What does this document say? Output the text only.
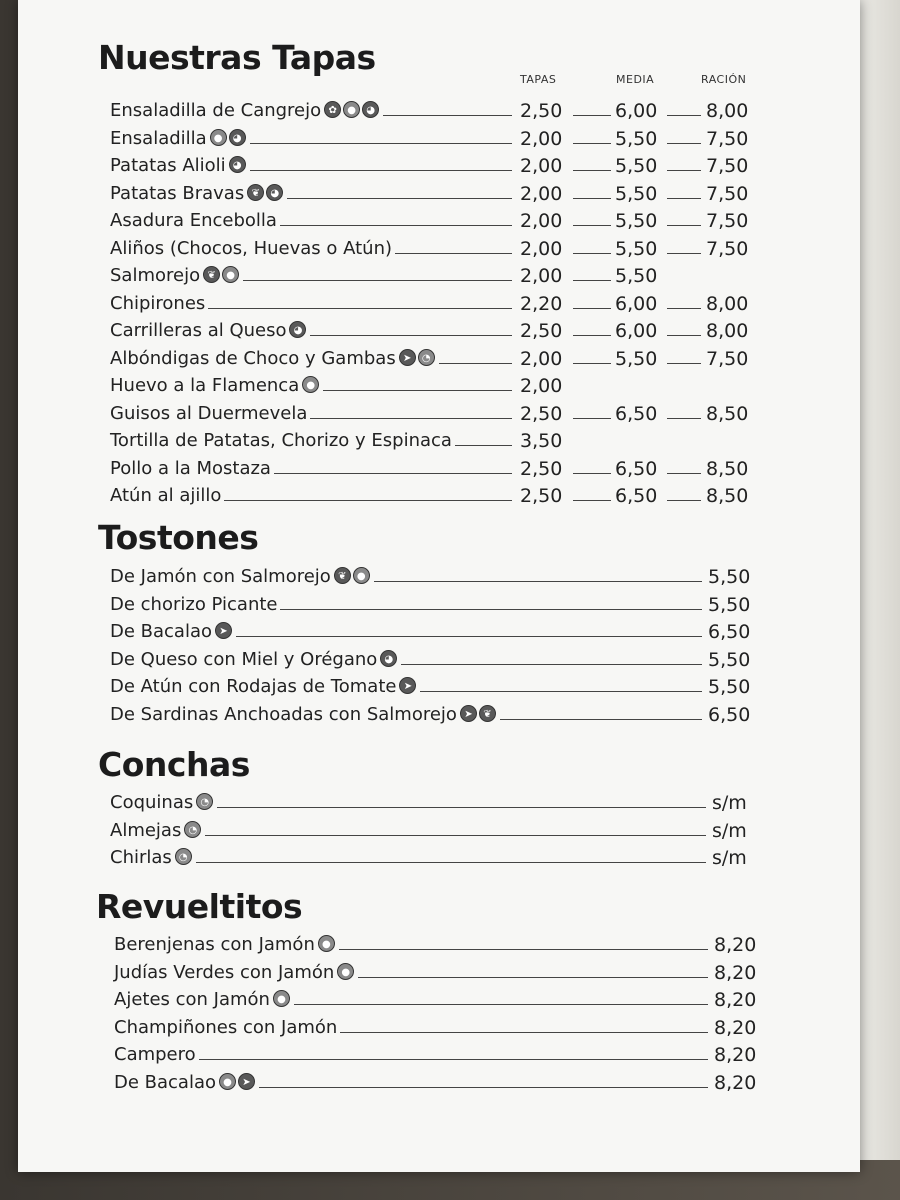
Nuestras Tapas
TAPAS	MEDIA	RACIÓN
Ensaladilla de Cangrejo ✿	●	◕	2,50	6,00	8,00
Ensaladilla ●	◕	2,00	5,50	7,50
Patatas Alioli ◕	2,00	5,50	7,50
Patatas Bravas ❦	◕	2,00	5,50	7,50
Asadura Encebolla	2,00	5,50	7,50
Aliños (Chocos, Huevas o Atún)	2,00	5,50	7,50
Salmorejo ❦	●	2,00	5,50
Chipirones	2,20	6,00	8,00
Carrilleras al Queso ◕	2,50	6,00	8,00
Albóndigas de Choco y Gambas ➤	◔	2,00	5,50	7,50
Huevo a la Flamenca ●	2,00
Guisos al Duermevela	2,50	6,50	8,50
Tortilla de Patatas, Chorizo y Espinaca	3,50
Pollo a la Mostaza	2,50	6,50	8,50
Atún al ajillo	2,50	6,50	8,50
Tostones
De Jamón con Salmorejo ❦	●	5,50
De chorizo Picante	5,50
De Bacalao ➤	6,50
De Queso con Miel y Orégano ◕	5,50
De Atún con Rodajas de Tomate ➤	5,50
De Sardinas Anchoadas con Salmorejo ➤	❦	6,50
Conchas
Coquinas ◔	s/m
Almejas ◔	s/m
Chirlas ◔	s/m
Revueltitos
Berenjenas con Jamón ●	8,20
Judías Verdes con Jamón ●	8,20
Ajetes con Jamón ●	8,20
Champiñones con Jamón	8,20
Campero	8,20
De Bacalao ●	➤	8,20
